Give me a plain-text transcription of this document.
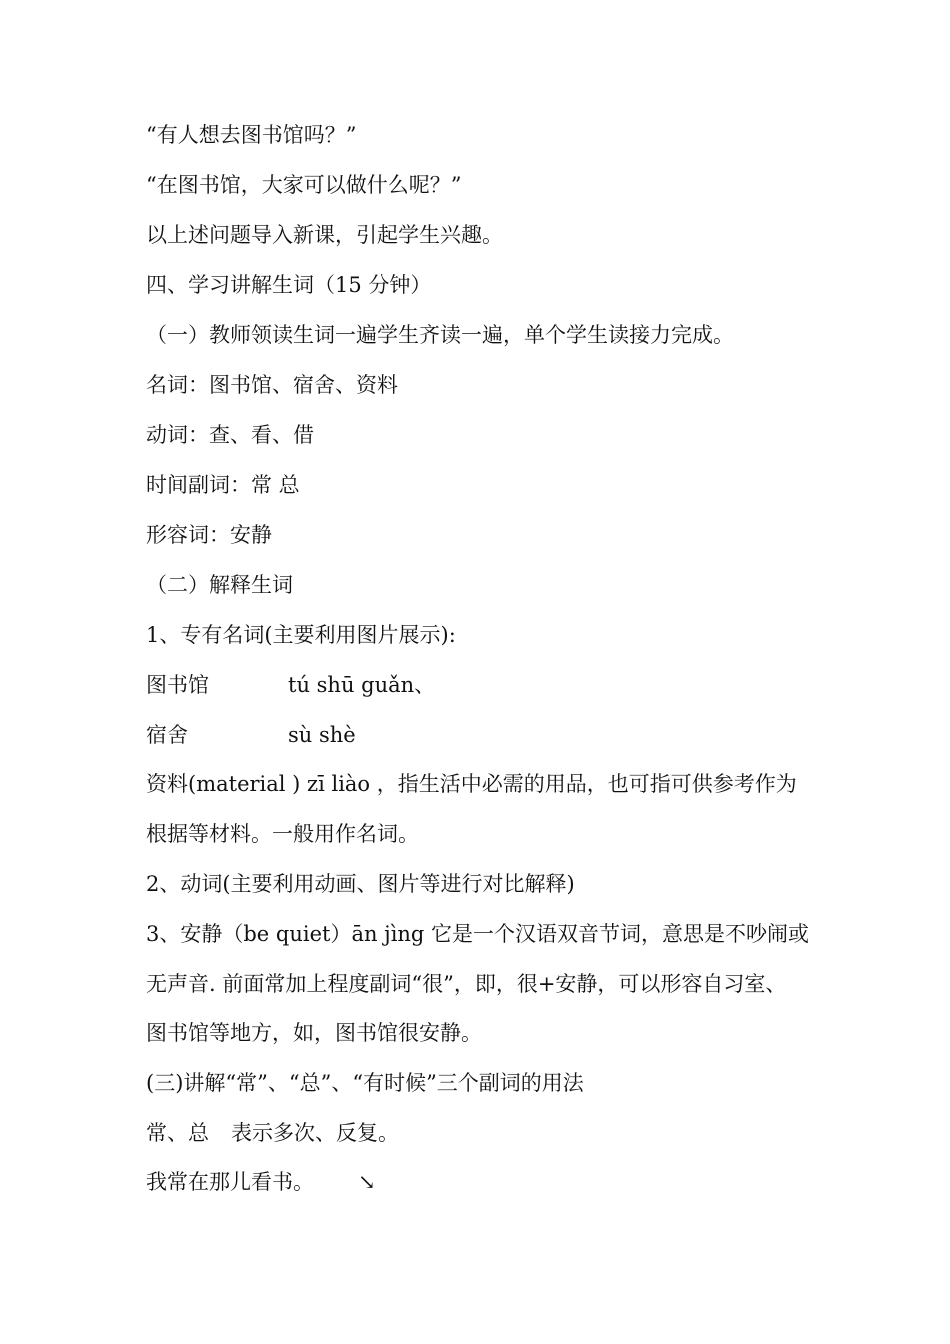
“有人想去图书馆吗？”
“在图书馆，大家可以做什么呢？”
以上述问题导入新课，引起学生兴趣。
四、学习讲解生词（15 分钟）
（一）教师领读生词一遍学生齐读一遍，单个学生读接力完成。
名词：图书馆、宿舍、资料
动词：查、看、借
时间副词：常 总
形容词：安静
（二）解释生词
1、专有名词(主要利用图片展示):
图书馆	tú shū guǎn、
宿舍	sù shè
资料(material ) zī liào ，指生活中必需的用品，也可指可供参考作为
根据等材料。一般用作名词。
2、动词(主要利用动画、图片等进行对比解释)
3、安静（be quiet）ān jìng 它是一个汉语双音节词，意思是不吵闹或
无声音. 前面常加上程度副词“很”，即，很+安静，可以形容自习室、
图书馆等地方，如，图书馆很安静。
(三)讲解“常”、“总”、“有时候”三个副词的用法
常、总 表示多次、反复。
我常在那儿看书。 ↘
